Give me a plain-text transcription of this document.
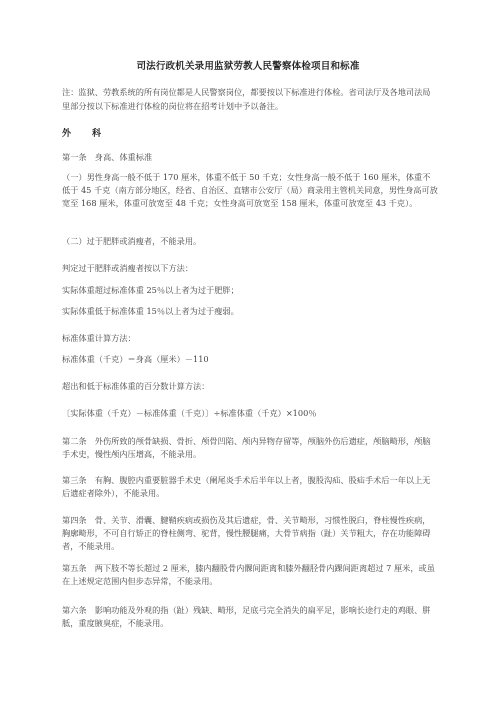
司法行政机关录用监狱劳教人民警察体检项目和标准
注：监狱、劳教系统的所有岗位都是人民警察岗位，都要按以下标准进行体检。省司法厅及各地司法局里部分按以下标准进行体检的岗位将在招考计划中予以备注。
外　科
第一条　身高、体重标准
（一）男性身高一般不低于 170 厘米，体重不低于 50 千克；女性身高一般不低于 160 厘米，体重不低于 45 千克（南方部分地区，经省、自治区、直辖市公安厅（局）商录用主管机关同意，男性身高可放宽至 168 厘米，体重可放宽至 48 千克；女性身高可放宽至 158 厘米，体重可放宽至 43 千克）。
（二）过于肥胖或消瘦者，不能录用。
判定过于肥胖或消瘦者按以下方法：
实际体重超过标准体重 25％以上者为过于肥胖；
实际体重低于标准体重 15％以上者为过于瘦弱。
标准体重计算方法：
标准体重（千克）＝身高（厘米）－110
超出和低于标准体重的百分数计算方法：
〔实际体重（千克）－标准体重（千克）〕÷标准体重（千克）×100％
第二条　外伤所致的颅骨缺损、骨折、颅骨凹陷、颅内异物存留等，颅脑外伤后遗症，颅脑畸形，颅脑手术史，慢性颅内压增高，不能录用。
第三条　有胸、腹腔内重要脏器手术史（阑尾炎手术后半年以上者，腹股沟疝、股疝手术后一年以上无后遗症者除外），不能录用。
第四条　骨、关节、滑囊、腱鞘疾病或损伤及其后遗症，骨、关节畸形，习惯性脱臼，脊柱慢性疾病，胸廓畸形，不可自行矫正的脊柱侧弯、驼背，慢性腰腿痛，大骨节病指（趾）关节粗大，存在功能障碍者，不能录用。
第五条　两下肢不等长超过 2 厘米，膝内翻股骨内髁间距离和膝外翻胫骨内踝间距离超过 7 厘米，或虽在上述规定范围内但步态异常，不能录用。
第六条　影响功能及外观的指（趾）残缺、畸形，足底弓完全消失的扁平足，影响长途行走的鸡眼、胼胝，重度腋臭症，不能录用。
